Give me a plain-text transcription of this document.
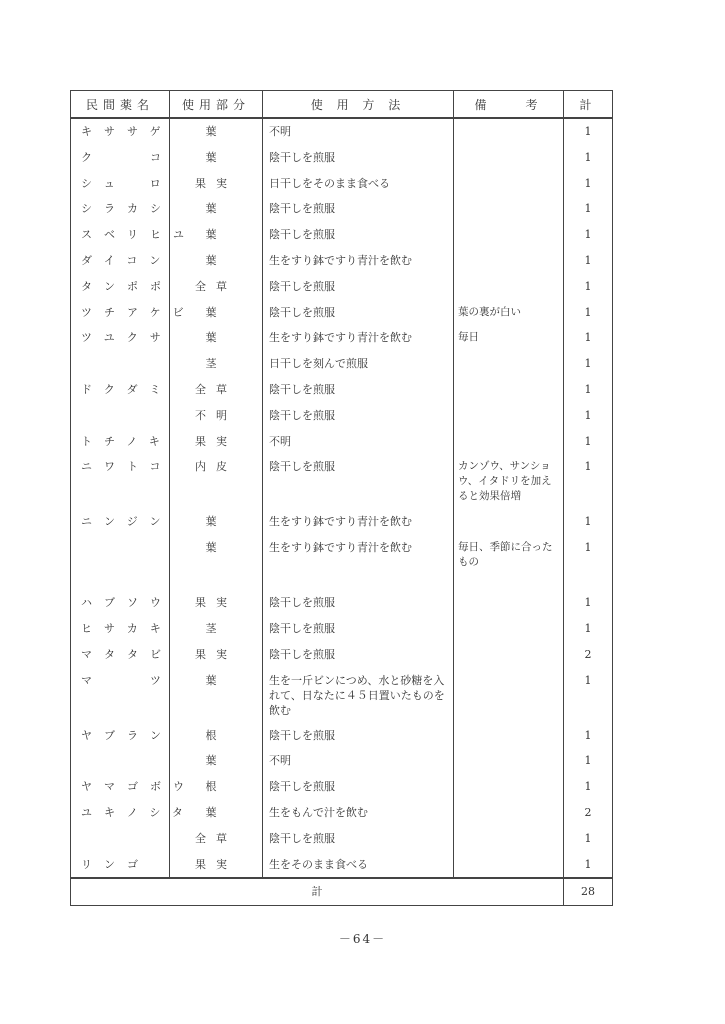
民間薬名	使用部分	使 用 方 法	備　　考	計

キササゲ	葉	不明		1

ク　　コ	葉	陰干しを煎服		1

シュ　ロ	果実	日干しをそのまま食べる		1

シラカシ	葉	陰干しを煎服		1

スベリヒユ	葉	陰干しを煎服		1

ダイコン	葉	生をすり鉢ですり青汁を飲む		1

タンポポ	全草	陰干しを煎服		1

ツチアケビ	葉	陰干しを煎服	葉の裏が白い	1

ツユクサ	葉	生をすり鉢ですり青汁を飲む	毎日	1

	茎	日干しを刻んで煎服		1

ドクダミ	全草	陰干しを煎服		1

	不明	陰干しを煎服		1

トチノキ	果実	不明		1

ニワトコ	内皮	陰干しを煎服	カンゾウ、サンショウ、イタドリを加えると効果倍増	1

ニンジン	葉	生をすり鉢ですり青汁を飲む		1

	葉	生をすり鉢ですり青汁を飲む	毎日、季節に合ったもの	1

ハブソウ	果実	陰干しを煎服		1

ヒサカキ	茎	陰干しを煎服		1

マタタビ	果実	陰干しを煎服		2

マ　　ツ	葉	生を一斤ビンにつめ、水と砂糖を入れて、日なたに４５日置いたものを飲む		1

ヤブラン	根	陰干しを煎服		1

	葉	不明		1

ヤマゴボウ	根	陰干しを煎服		1

ユキノシタ	葉	生をもんで汁を飲む		2

	全草	陰干しを煎服		1

リンゴ	果実	生をそのまま食べる		1

計				28
－64－
